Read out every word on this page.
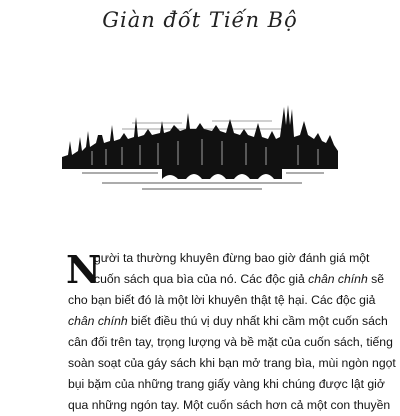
Giàn đốt Tiến Bộ
N
gười ta thường khuyên đừng bao giờ đánh giá một
cuốn sách qua bìa của nó. Các độc giả chân chính sẽ
cho bạn biết đó là một lời khuyên thật tệ hại. Các độc giả
chân chính biết điều thú vị duy nhất khi cầm một cuốn sách
cân đối trên tay, trọng lượng và bề mặt của cuốn sách, tiếng
soàn soạt của gáy sách khi bạn mở trang bìa, mùi ngòn ngọt
bụi bặm của những trang giấy vàng khi chúng được lật giở
qua những ngón tay. Một cuốn sách hơn cả một con thuyền
